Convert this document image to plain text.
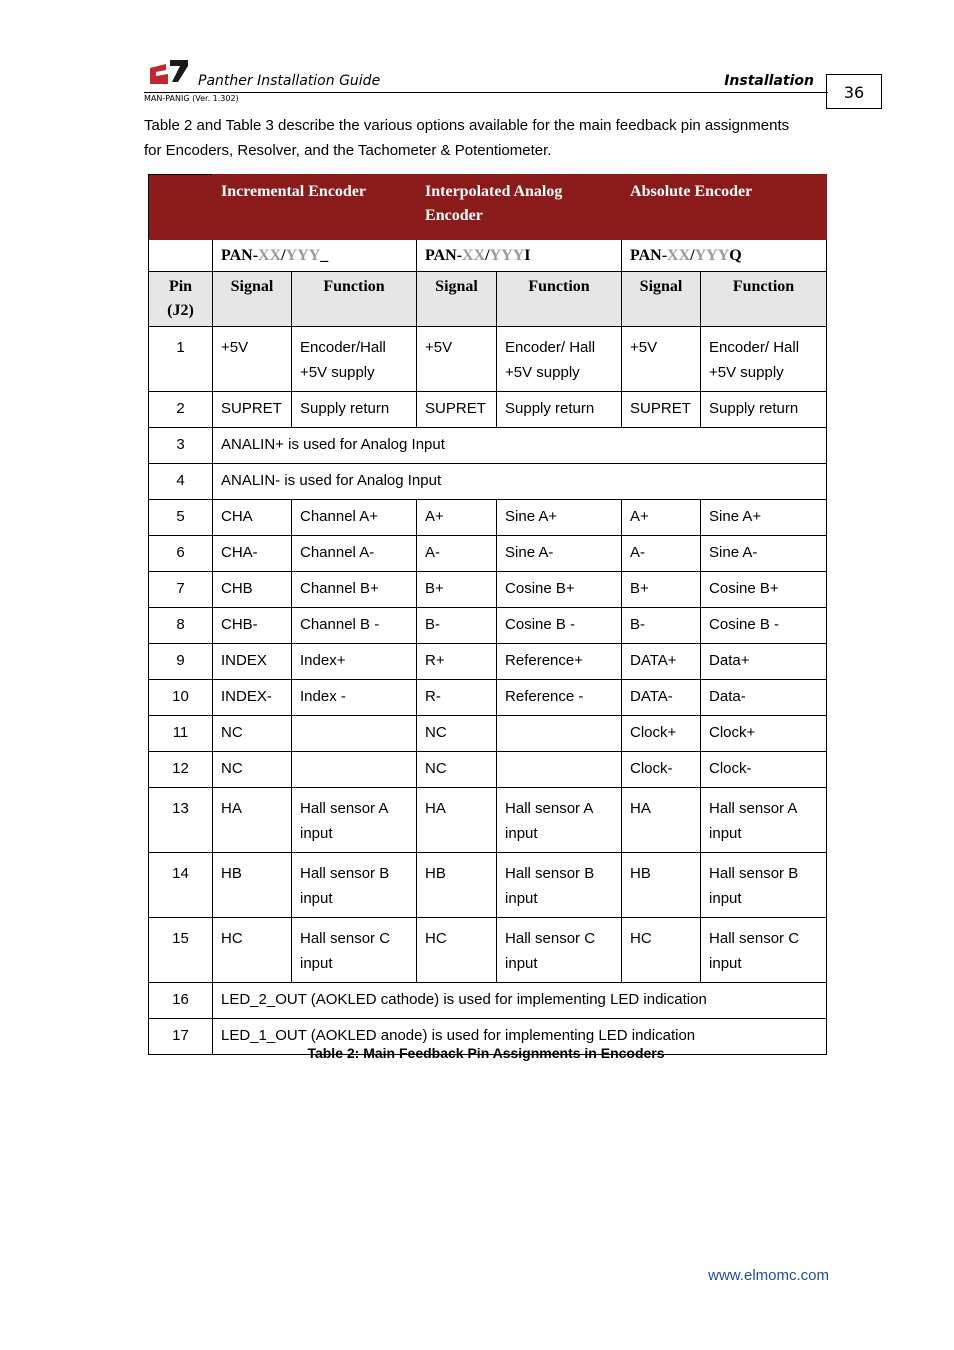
Panther Installation Guide	Installation
MAN-PANIG (Ver. 1.302)	36

Table 2 and Table 3 describe the various options available for the main feedback pin assignments for Encoders, Resolver, and the Tachometer & Potentiometer.

	Incremental Encoder		Interpolated Analog Encoder		Absolute Encoder	
	PAN-XX/YYY_		PAN-XX/YYYI		PAN-XX/YYYQ	
Pin (J2)	Signal	Function	Signal	Function	Signal	Function
1	+5V	Encoder/Hall +5V supply	+5V	Encoder/ Hall +5V supply	+5V	Encoder/ Hall +5V supply
2	SUPRET	Supply return	SUPRET	Supply return	SUPRET	Supply return
3	ANALIN+ is used for Analog Input					
4	ANALIN- is used for Analog Input					
5	CHA	Channel A+	A+	Sine A+	A+	Sine A+
6	CHA-	Channel A-	A-	Sine A-	A-	Sine A-
7	CHB	Channel B+	B+	Cosine B+	B+	Cosine B+
8	CHB-	Channel B -	B-	Cosine B -	B-	Cosine B -
9	INDEX	Index+	R+	Reference+	DATA+	Data+
10	INDEX-	Index -	R-	Reference -	DATA-	Data-
11	NC		NC		Clock+	Clock+
12	NC		NC		Clock-	Clock-
13	HA	Hall sensor A input	HA	Hall sensor A input	HA	Hall sensor A input
14	HB	Hall sensor B input	HB	Hall sensor B input	HB	Hall sensor B input
15	HC	Hall sensor C input	HC	Hall sensor C input	HC	Hall sensor C input
16	LED_2_OUT (AOKLED cathode) is used for implementing LED indication					
17	LED_1_OUT (AOKLED anode) is used for implementing LED indication					
Table 2: Main Feedback Pin Assignments in Encoders
www.elmomc.com
